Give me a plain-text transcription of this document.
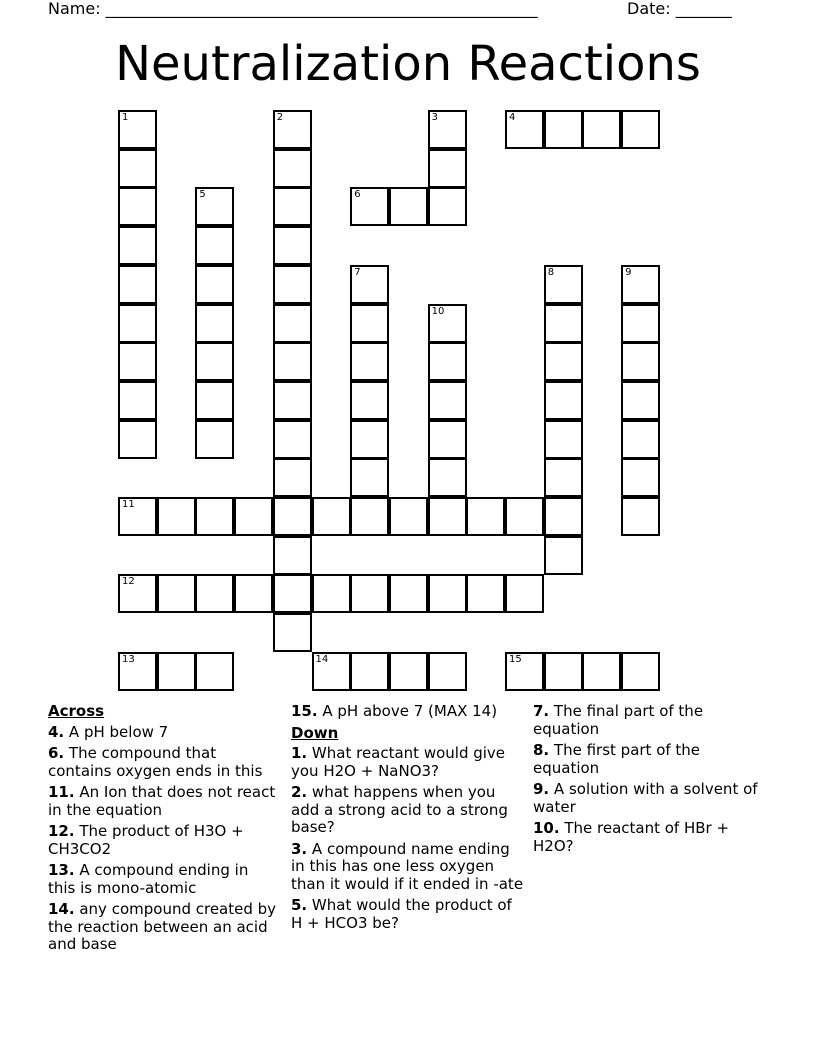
Name: ______________________________________________________	Date: _______
Neutralization Reactions
1	2	3	4
5	6
7	8	9
10
11
12
13	14	15
Across
4. A pH below 7
6. The compound that contains oxygen ends in this
11. An Ion that does not react in the equation
12. The product of H3O + CH3CO2
13. A compound ending in this is mono-atomic
14. any compound created by the reaction between an acid and base
15. A pH above 7 (MAX 14)
Down
1. What reactant would give you H2O + NaNO3?
2. what happens when you add a strong acid to a strong base?
3. A compound name ending in this has one less oxygen than it would if it ended in -ate
5. What would the product of H + HCO3 be?
7. The final part of the equation
8. The first part of the equation
9. A solution with a solvent of water
10. The reactant of HBr + H2O?
